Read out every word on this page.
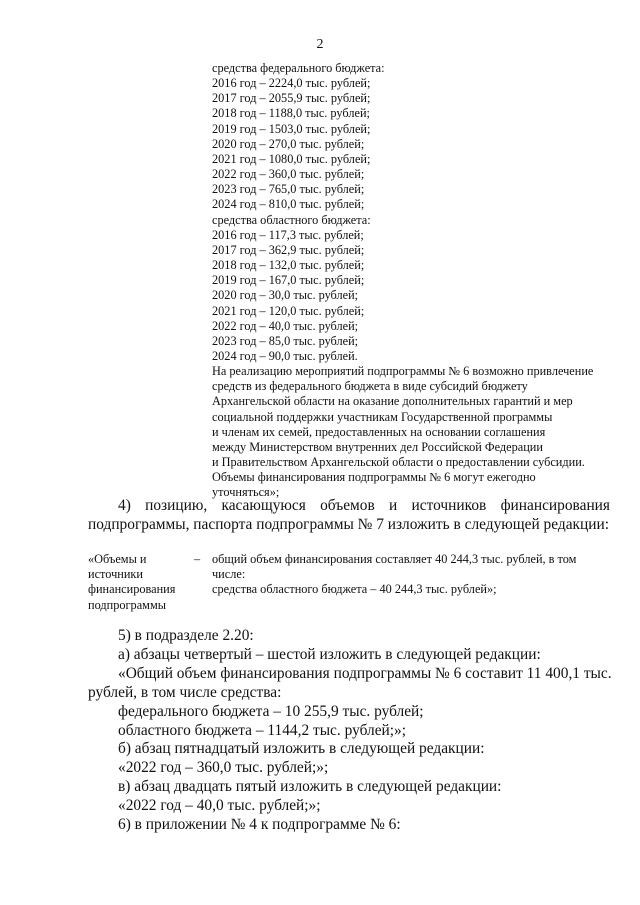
2
средства федерального бюджета:
2016 год – 2224,0 тыс. рублей;
2017 год – 2055,9 тыс. рублей;
2018 год – 1188,0 тыс. рублей;
2019 год – 1503,0 тыс. рублей;
2020 год – 270,0 тыс. рублей;
2021 год – 1080,0 тыс. рублей;
2022 год – 360,0 тыс. рублей;
2023 год – 765,0 тыс. рублей;
2024 год – 810,0 тыс. рублей;
средства областного бюджета:
2016 год – 117,3 тыс. рублей;
2017 год – 362,9 тыс. рублей;
2018 год – 132,0 тыс. рублей;
2019 год – 167,0 тыс. рублей;
2020 год – 30,0 тыс. рублей;
2021 год – 120,0 тыс. рублей;
2022 год – 40,0 тыс. рублей;
2023 год – 85,0 тыс. рублей;
2024 год – 90,0 тыс. рублей.
На реализацию мероприятий подпрограммы № 6 возможно привлечение
средств из федерального бюджета в виде субсидий бюджету
Архангельской области на оказание дополнительных гарантий и мер
социальной поддержки участникам Государственной программы
и членам их семей, предоставленных на основании соглашения
между Министерством внутренних дел Российской Федерации
и Правительством Архангельской области о предоставлении субсидии.
Объемы финансирования подпрограммы № 6 могут ежегодно
уточняться»;
4) позицию, касающуюся объемов и источников финансирования
подпрограммы, паспорта подпрограммы № 7 изложить в следующей редакции:
«Объемы и источники финансирования подпрограммы
– общий объем финансирования составляет 40 244,3 тыс. рублей, в том числе:
средства областного бюджета – 40 244,3 тыс. рублей»;
5) в подразделе 2.20:
а) абзацы четвертый – шестой изложить в следующей редакции:
«Общий объем финансирования подпрограммы № 6 составит 11 400,1 тыс.
рублей, в том числе средства:
федерального бюджета – 10 255,9 тыс. рублей;
областного бюджета – 1144,2 тыс. рублей;»;
б) абзац пятнадцатый изложить в следующей редакции:
«2022 год – 360,0 тыс. рублей;»;
в) абзац двадцать пятый изложить в следующей редакции:
«2022 год – 40,0 тыс. рублей;»;
6) в приложении № 4 к подпрограмме № 6:
